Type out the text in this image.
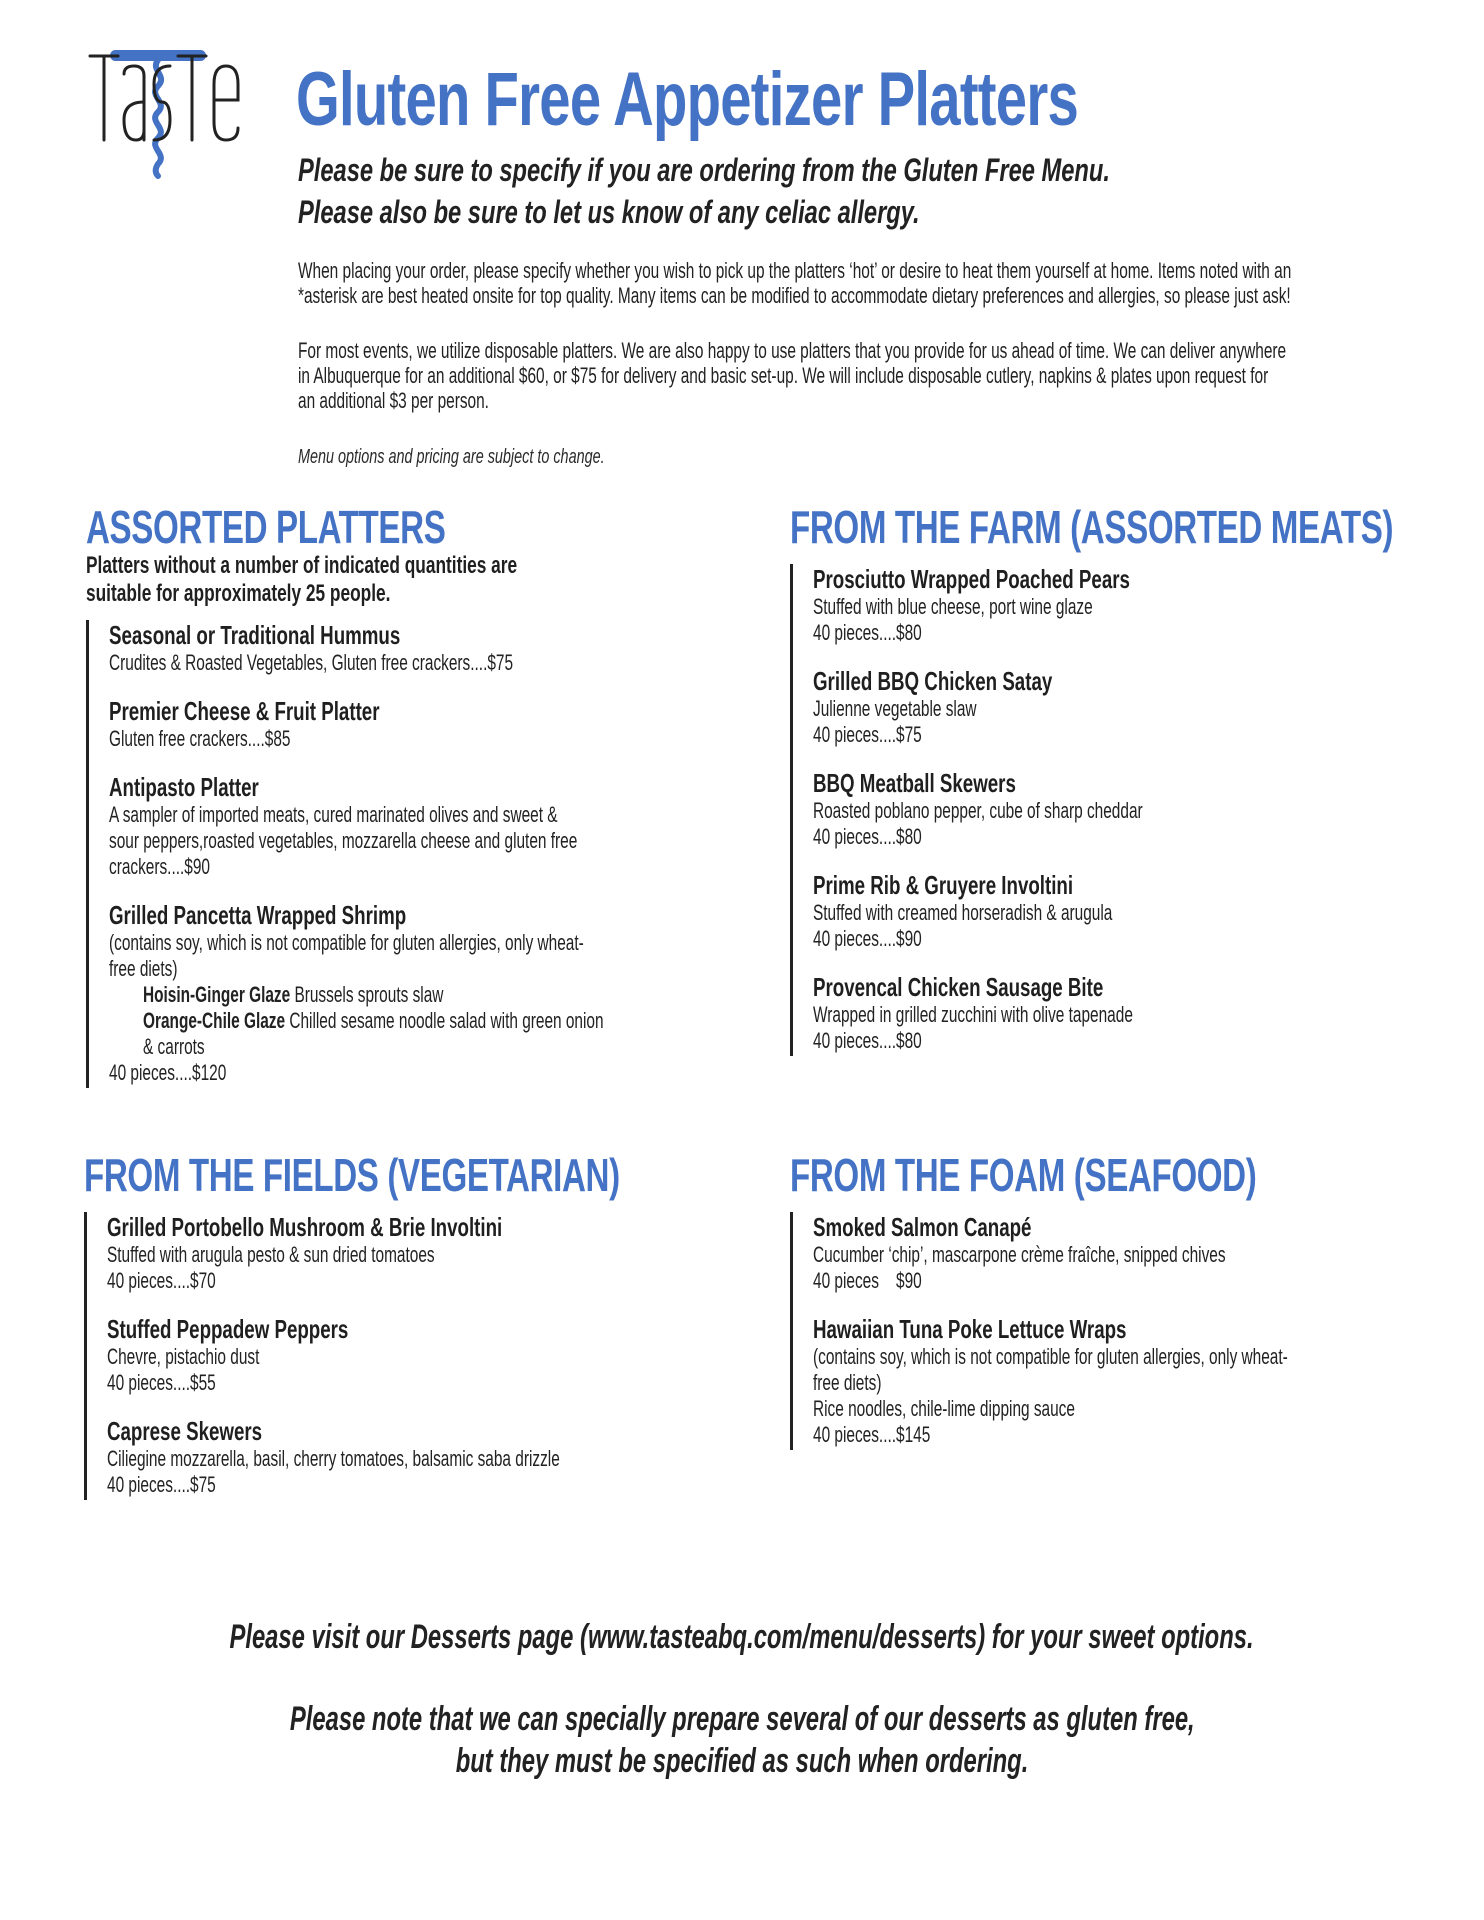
Gluten Free Appetizer Platters
Please be sure to specify if you are ordering from the Gluten Free Menu.
Please also be sure to let us know of any celiac allergy.
When placing your order, please specify whether you wish to pick up the platters ‘hot’ or desire to heat them yourself at home. Items noted with an
*asterisk are best heated onsite for top quality. Many items can be modified to accommodate dietary preferences and allergies, so please just ask!
For most events, we utilize disposable platters. We are also happy to use platters that you provide for us ahead of time. We can deliver anywhere
in Albuquerque for an additional $60, or $75 for delivery and basic set-up. We will include disposable cutlery, napkins & plates upon request for
an additional $3 per person.
Menu options and pricing are subject to change.
ASSORTED PLATTERS
Platters without a number of indicated quantities are
suitable for approximately 25 people.
Seasonal or Traditional Hummus
Crudites & Roasted Vegetables, Gluten free crackers....$75
Premier Cheese & Fruit Platter
Gluten free crackers....$85
Antipasto Platter
A sampler of imported meats, cured marinated olives and sweet &
sour peppers,roasted vegetables, mozzarella cheese and gluten free
crackers....$90
Grilled Pancetta Wrapped Shrimp
(contains soy, which is not compatible for gluten allergies, only wheat-
free diets)
Hoisin-Ginger Glaze Brussels sprouts slaw
Orange-Chile Glaze Chilled sesame noodle salad with green onion
& carrots
40 pieces....$120
FROM THE FARM (ASSORTED MEATS)
Prosciutto Wrapped Poached Pears
Stuffed with blue cheese, port wine glaze
40 pieces....$80
Grilled BBQ Chicken Satay
Julienne vegetable slaw
40 pieces....$75
BBQ Meatball Skewers
Roasted poblano pepper, cube of sharp cheddar
40 pieces....$80
Prime Rib & Gruyere Involtini
Stuffed with creamed horseradish & arugula
40 pieces....$90
Provencal Chicken Sausage Bite
Wrapped in grilled zucchini with olive tapenade
40 pieces....$80
FROM THE FIELDS (VEGETARIAN)
Grilled Portobello Mushroom & Brie Involtini
Stuffed with arugula pesto & sun dried tomatoes
40 pieces....$70
Stuffed Peppadew Peppers
Chevre, pistachio dust
40 pieces....$55
Caprese Skewers
Ciliegine mozzarella, basil, cherry tomatoes, balsamic saba drizzle
40 pieces....$75
FROM THE FOAM (SEAFOOD)
Smoked Salmon Canapé
Cucumber ‘chip’, mascarpone crème fraîche, snipped chives
40 pieces    $90
Hawaiian Tuna Poke Lettuce Wraps
(contains soy, which is not compatible for gluten allergies, only wheat-
free diets)
Rice noodles, chile-lime dipping sauce
40 pieces....$145
Please visit our Desserts page (www.tasteabq.com/menu/desserts) for your sweet options.
Please note that we can specially prepare several of our desserts as gluten free,
but they must be specified as such when ordering.
